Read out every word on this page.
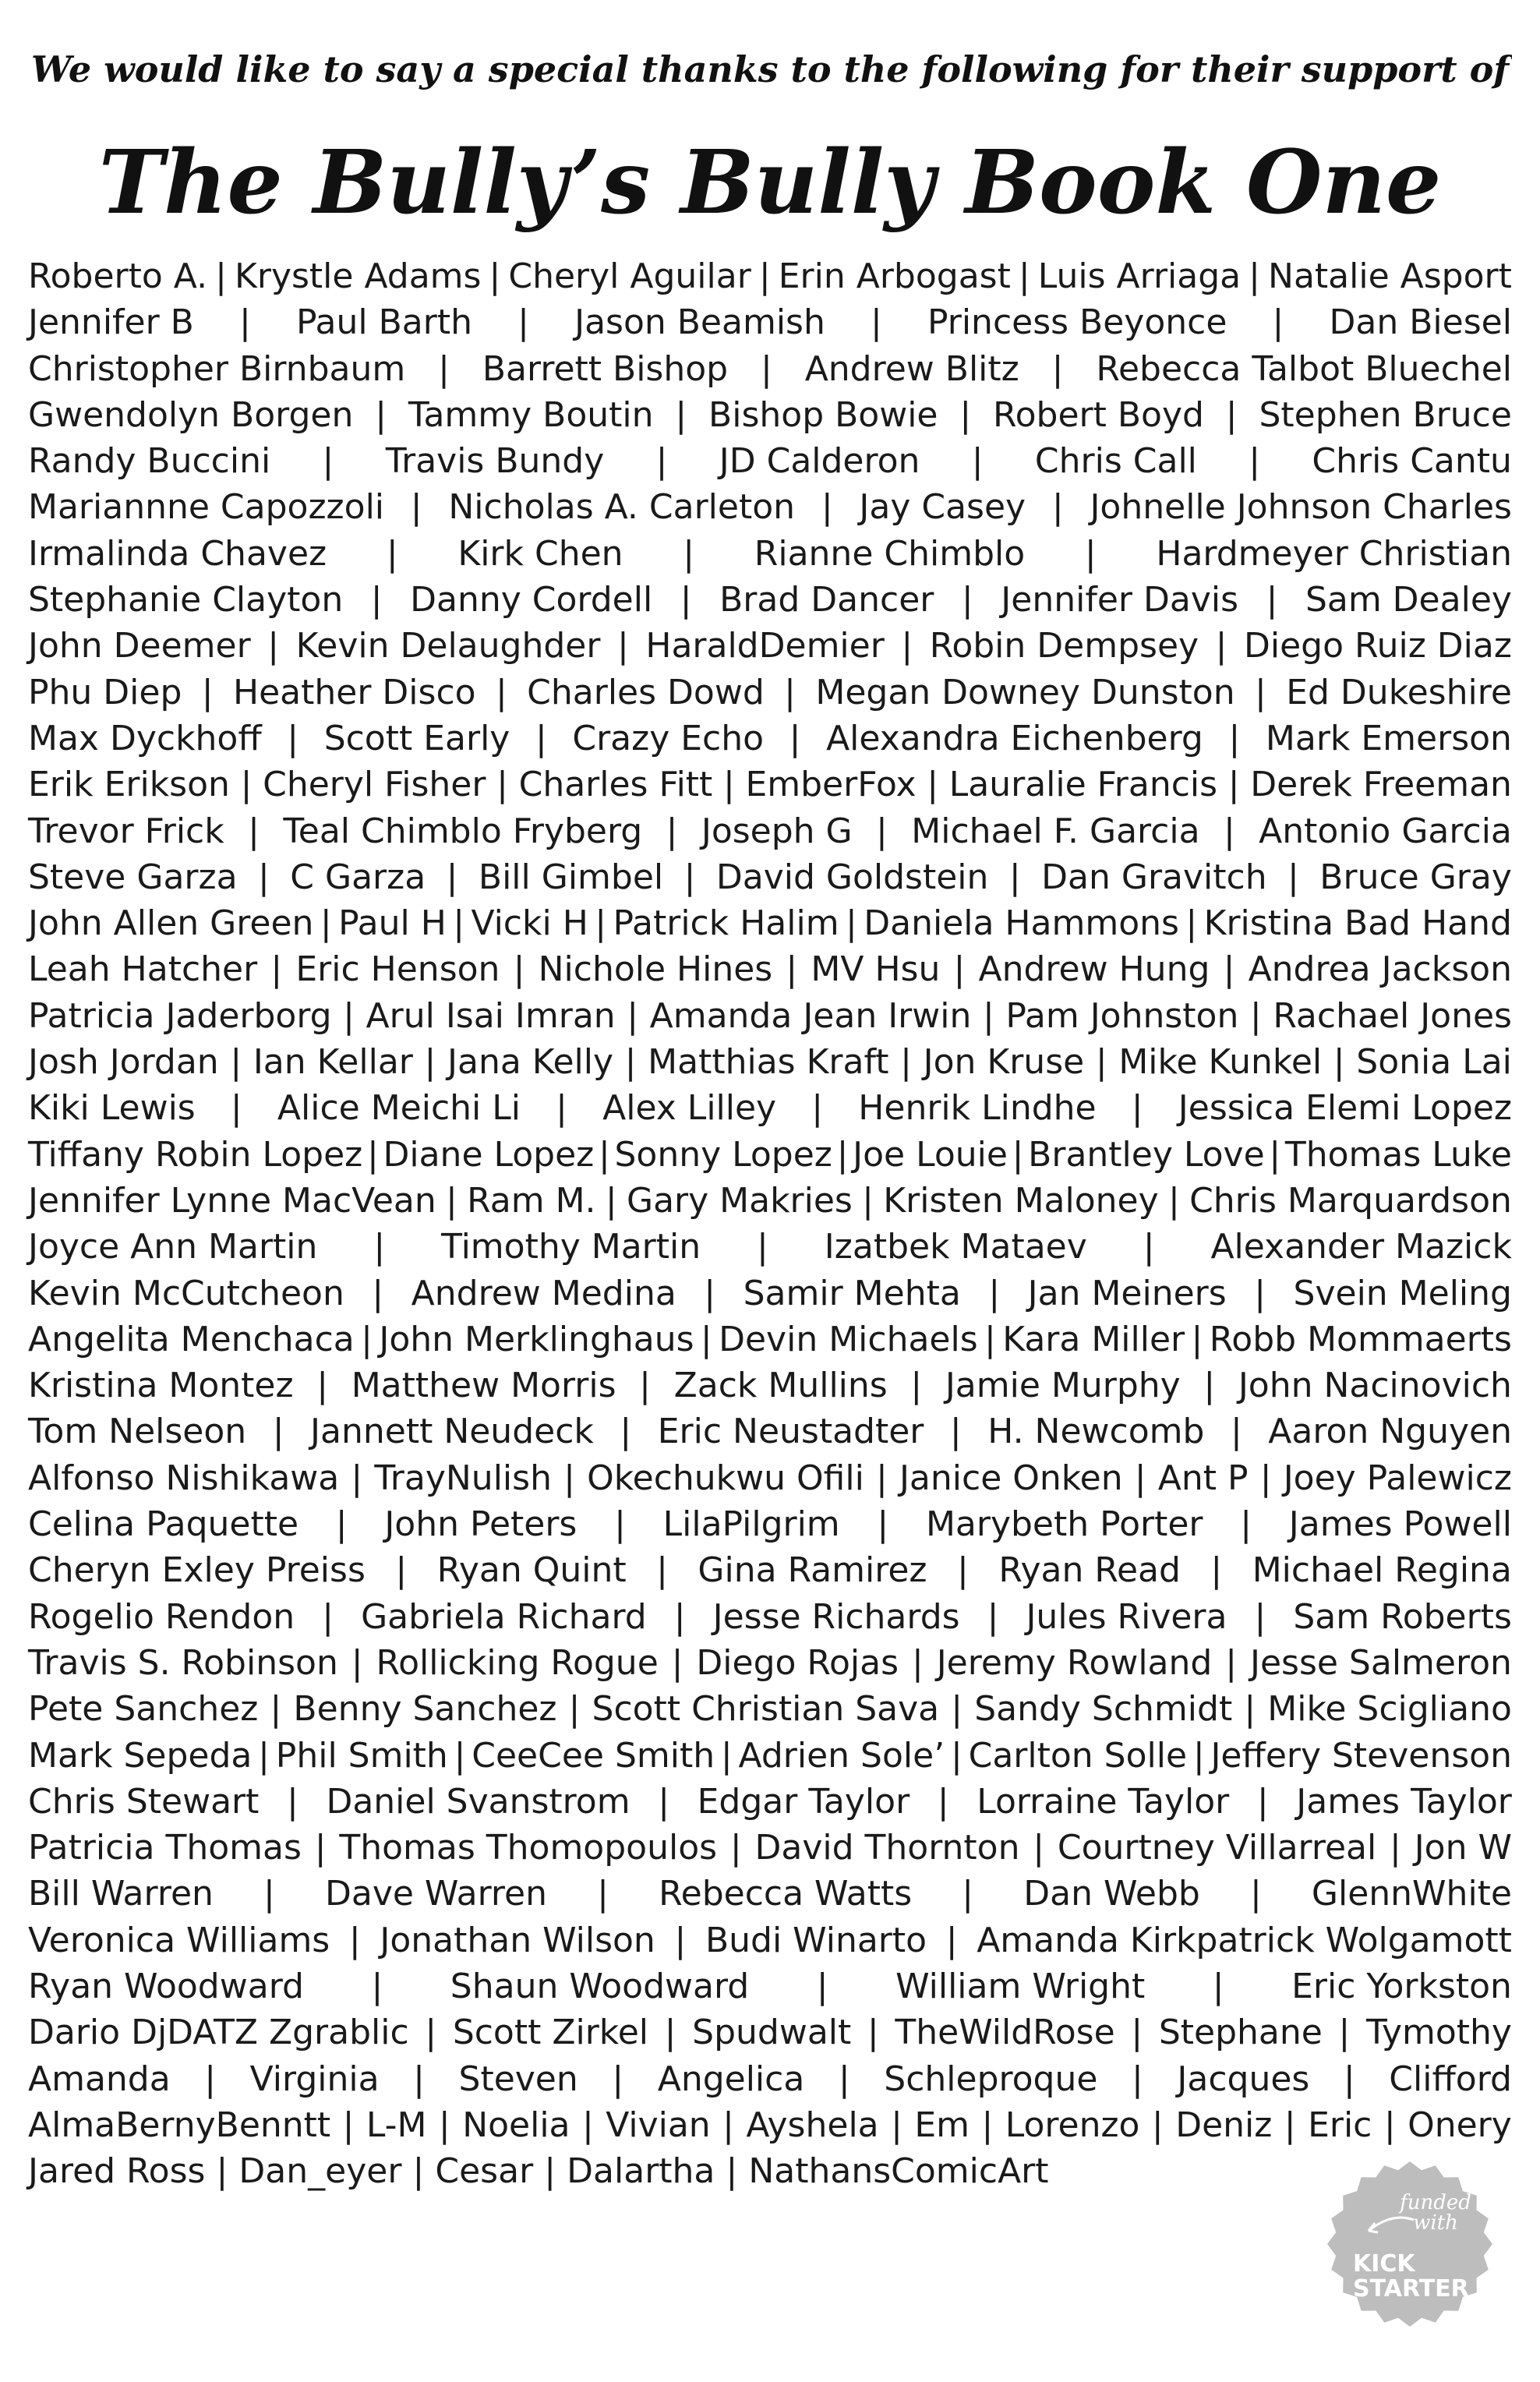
We would like to say a special thanks to the following for their support of
The Bully’s Bully Book One
Roberto A. | Krystle Adams | Cheryl Aguilar | Erin Arbogast | Luis Arriaga | Natalie Asport
Jennifer B | Paul Barth | Jason Beamish | Princess Beyonce | Dan Biesel
Christopher Birnbaum | Barrett Bishop | Andrew Blitz | Rebecca Talbot Bluechel
Gwendolyn Borgen | Tammy Boutin | Bishop Bowie | Robert Boyd | Stephen Bruce
Randy Buccini | Travis Bundy | JD Calderon | Chris Call | Chris Cantu
Mariannne Capozzoli | Nicholas A. Carleton | Jay Casey | Johnelle Johnson Charles
Irmalinda Chavez | Kirk Chen | Rianne Chimblo | Hardmeyer Christian
Stephanie Clayton | Danny Cordell | Brad Dancer | Jennifer Davis | Sam Dealey
John Deemer | Kevin Delaughder | HaraldDemier | Robin Dempsey | Diego Ruiz Diaz
Phu Diep | Heather Disco | Charles Dowd | Megan Downey Dunston | Ed Dukeshire
Max Dyckhoff | Scott Early | Crazy Echo | Alexandra Eichenberg | Mark Emerson
Erik Erikson | Cheryl Fisher | Charles Fitt | EmberFox | Lauralie Francis | Derek Freeman
Trevor Frick | Teal Chimblo Fryberg | Joseph G | Michael F. Garcia | Antonio Garcia
Steve Garza | C Garza | Bill Gimbel | David Goldstein | Dan Gravitch | Bruce Gray
John Allen Green | Paul H | Vicki H | Patrick Halim | Daniela Hammons | Kristina Bad Hand
Leah Hatcher | Eric Henson | Nichole Hines | MV Hsu | Andrew Hung | Andrea Jackson
Patricia Jaderborg | Arul Isai Imran | Amanda Jean Irwin | Pam Johnston | Rachael Jones
Josh Jordan | Ian Kellar | Jana Kelly | Matthias Kraft | Jon Kruse | Mike Kunkel | Sonia Lai
Kiki Lewis | Alice Meichi Li | Alex Lilley | Henrik Lindhe | Jessica Elemi Lopez
Tiffany Robin Lopez | Diane Lopez | Sonny Lopez | Joe Louie | Brantley Love | Thomas Luke
Jennifer Lynne MacVean | Ram M. | Gary Makries | Kristen Maloney | Chris Marquardson
Joyce Ann Martin | Timothy Martin | Izatbek Mataev | Alexander Mazick
Kevin McCutcheon | Andrew Medina | Samir Mehta | Jan Meiners | Svein Meling
Angelita Menchaca | John Merklinghaus | Devin Michaels | Kara Miller | Robb Mommaerts
Kristina Montez | Matthew Morris | Zack Mullins | Jamie Murphy | John Nacinovich
Tom Nelseon | Jannett Neudeck | Eric Neustadter | H. Newcomb | Aaron Nguyen
Alfonso Nishikawa | TrayNulish | Okechukwu Ofili | Janice Onken | Ant P | Joey Palewicz
Celina Paquette | John Peters | LilaPilgrim | Marybeth Porter | James Powell
Cheryn Exley Preiss | Ryan Quint | Gina Ramirez | Ryan Read | Michael Regina
Rogelio Rendon | Gabriela Richard | Jesse Richards | Jules Rivera | Sam Roberts
Travis S. Robinson | Rollicking Rogue | Diego Rojas | Jeremy Rowland | Jesse Salmeron
Pete Sanchez | Benny Sanchez | Scott Christian Sava | Sandy Schmidt | Mike Scigliano
Mark Sepeda | Phil Smith | CeeCee Smith | Adrien Sole’ | Carlton Solle | Jeffery Stevenson
Chris Stewart | Daniel Svanstrom | Edgar Taylor | Lorraine Taylor | James Taylor
Patricia Thomas | Thomas Thomopoulos | David Thornton | Courtney Villarreal | Jon W
Bill Warren | Dave Warren | Rebecca Watts | Dan Webb | GlennWhite
Veronica Williams | Jonathan Wilson | Budi Winarto | Amanda Kirkpatrick Wolgamott
Ryan Woodward | Shaun Woodward | William Wright | Eric Yorkston
Dario DjDATZ Zgrablic | Scott Zirkel | Spudwalt | TheWildRose | Stephane | Tymothy
Amanda | Virginia | Steven | Angelica | Schleproque | Jacques | Clifford
AlmaBernyBenntt | L-M | Noelia | Vivian | Ayshela | Em | Lorenzo | Deniz | Eric | Onery
Jared Ross | Dan_eyer | Cesar | Dalartha | NathansComicArt
funded
with
KICK
STARTER
